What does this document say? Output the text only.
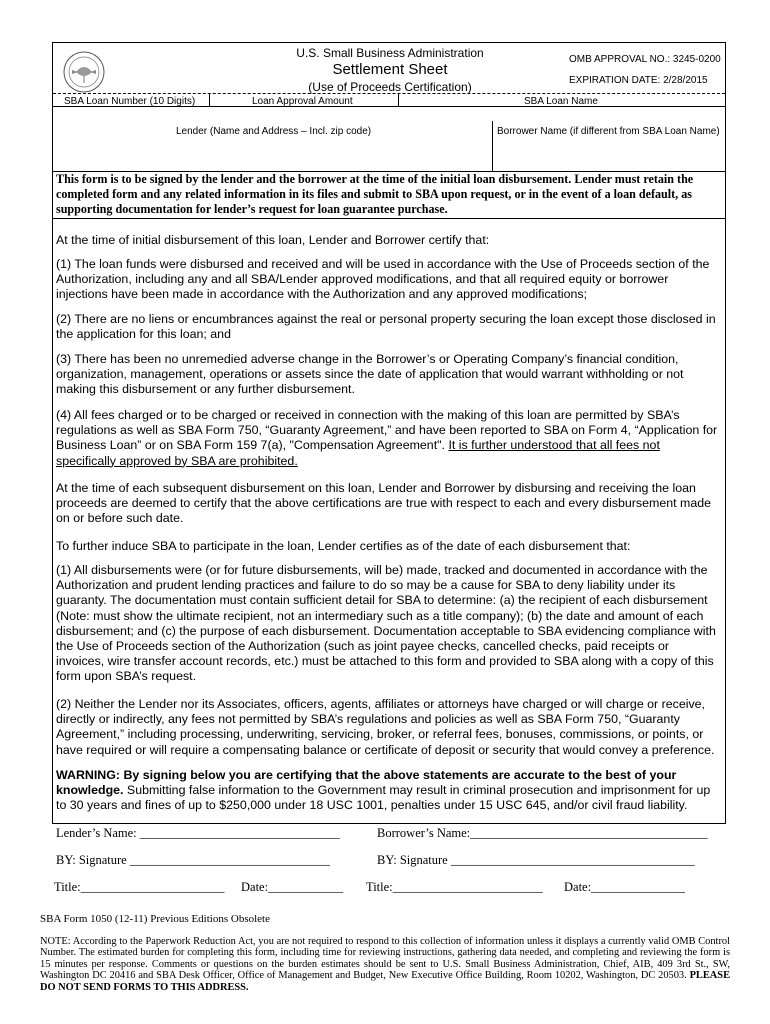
U.S. Small Business Administration
Settlement Sheet
(Use of Proceeds Certification)
OMB APPROVAL NO.: 3245-0200
EXPIRATION DATE: 2/28/2015
SBA Loan Number (10 Digits)	Loan Approval Amount	SBA Loan Name
Lender (Name and Address – Incl. zip code)	Borrower Name (if different from SBA Loan Name)
This form is to be signed by the lender and the borrower at the time of the initial loan disbursement. Lender must retain the completed form and any related information in its files and submit to SBA upon request, or in the event of a loan default, as supporting documentation for lender’s request for loan guarantee purchase.
At the time of initial disbursement of this loan, Lender and Borrower certify that:
(1) The loan funds were disbursed and received and will be used in accordance with the Use of Proceeds section of the Authorization, including any and all SBA/Lender approved modifications, and that all required equity or borrower injections have been made in accordance with the Authorization and any approved modifications;
(2) There are no liens or encumbrances against the real or personal property securing the loan except those disclosed in the application for this loan; and
(3) There has been no unremedied adverse change in the Borrower’s or Operating Company’s financial condition, organization, management, operations or assets since the date of application that would warrant withholding or not making this disbursement or any further disbursement.
(4) All fees charged or to be charged or received in connection with the making of this loan are permitted by SBA’s regulations as well as SBA Form 750, “Guaranty Agreement,” and have been reported to SBA on Form 4, “Application for Business Loan” or on SBA Form 159 7(a), "Compensation Agreement". It is further understood that all fees not specifically approved by SBA are prohibited.
At the time of each subsequent disbursement on this loan, Lender and Borrower by disbursing and receiving the loan proceeds are deemed to certify that the above certifications are true with respect to each and every disbursement made on or before such date.
To further induce SBA to participate in the loan, Lender certifies as of the date of each disbursement that:
(1) All disbursements were (or for future disbursements, will be) made, tracked and documented in accordance with the Authorization and prudent lending practices and failure to do so may be a cause for SBA to deny liability under its guaranty. The documentation must contain sufficient detail for SBA to determine: (a) the recipient of each disbursement (Note: must show the ultimate recipient, not an intermediary such as a title company); (b) the date and amount of each disbursement; and (c) the purpose of each disbursement. Documentation acceptable to SBA evidencing compliance with the Use of Proceeds section of the Authorization (such as joint payee checks, cancelled checks, paid receipts or invoices, wire transfer account records, etc.) must be attached to this form and provided to SBA along with a copy of this form upon SBA’s request.
(2) Neither the Lender nor its Associates, officers, agents, affiliates or attorneys have charged or will charge or receive, directly or indirectly, any fees not permitted by SBA’s regulations and policies as well as SBA Form 750, “Guaranty Agreement,” including processing, underwriting, servicing, broker, or referral fees, bonuses, commissions, or points, or have required or will require a compensating balance or certificate of deposit or security that would convey a preference.
WARNING: By signing below you are certifying that the above statements are accurate to the best of your knowledge. Submitting false information to the Government may result in criminal prosecution and imprisonment for up to 30 years and fines of up to $250,000 under 18 USC 1001, penalties under 15 USC 645, and/or civil fraud liability.
Lender’s Name: ________________________________	Borrower’s Name:______________________________________
BY: Signature ________________________________	BY: Signature _______________________________________
Title:_______________________ Date:____________ Title:________________________ Date:_______________
SBA Form 1050 (12-11) Previous Editions Obsolete
NOTE: According to the Paperwork Reduction Act, you are not required to respond to this collection of information unless it displays a currently valid OMB Control Number. The estimated burden for completing this form, including time for reviewing instructions, gathering data needed, and completing and reviewing the form is 15 minutes per response. Comments or questions on the burden estimates should be sent to U.S. Small Business Administration, Chief, AIB, 409 3rd St., SW, Washington DC 20416 and SBA Desk Officer, Office of Management and Budget, New Executive Office Building, Room 10202, Washington, DC 20503. PLEASE DO NOT SEND FORMS TO THIS ADDRESS.
